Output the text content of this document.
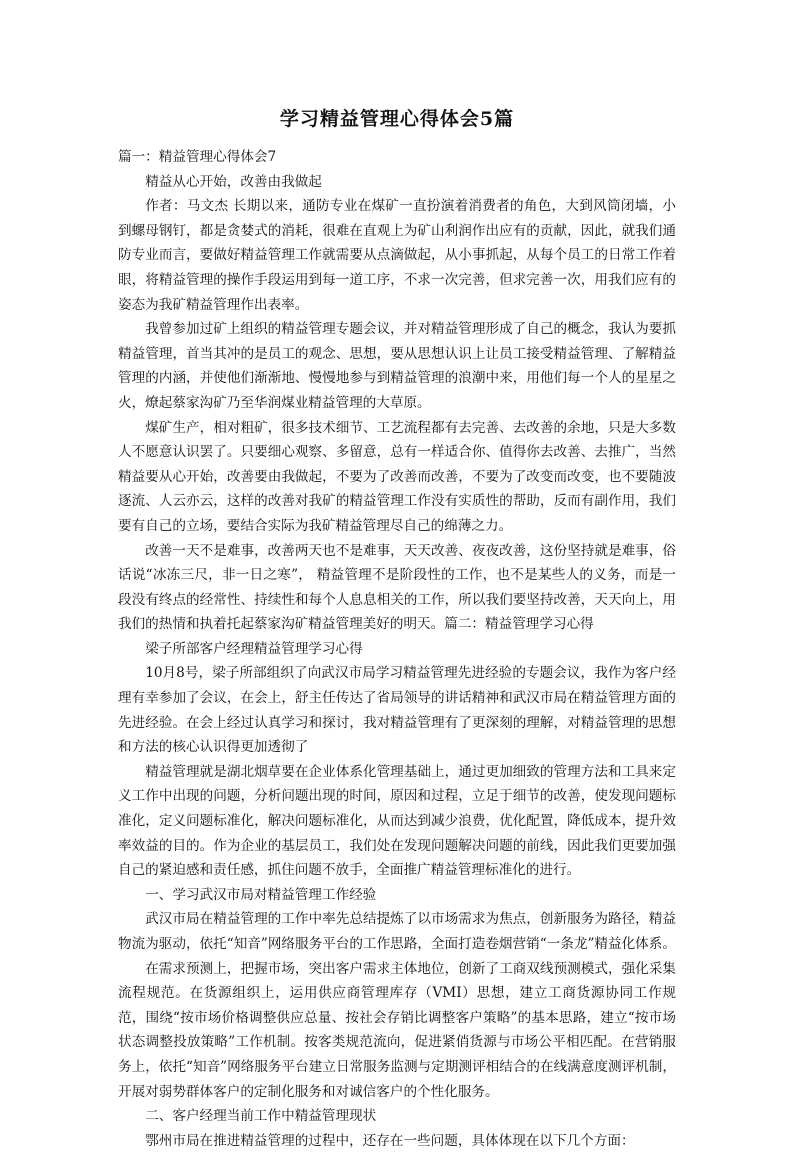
学习精益管理心得体会5篇

篇一：精益管理心得体会7

精益从心开始，改善由我做起

作者：马文杰 长期以来，通防专业在煤矿一直扮演着消费者的角色，大到风筒闭墙，小到螺母钢钉，都是贪婪式的消耗，很难在直观上为矿山利润作出应有的贡献，因此，就我们通防专业而言，要做好精益管理工作就需要从点滴做起，从小事抓起，从每个员工的日常工作着眼，将精益管理的操作手段运用到每一道工序，不求一次完善，但求完善一次，用我们应有的姿态为我矿精益管理作出表率。

我曾参加过矿上组织的精益管理专题会议，并对精益管理形成了自己的概念，我认为要抓精益管理，首当其冲的是员工的观念、思想，要从思想认识上让员工接受精益管理、了解精益管理的内涵，并使他们渐渐地、慢慢地参与到精益管理的浪潮中来，用他们每一个人的星星之火，燎起蔡家沟矿乃至华润煤业精益管理的大草原。

煤矿生产，相对粗矿，很多技术细节、工艺流程都有去完善、去改善的余地，只是大多数人不愿意认识罢了。只要细心观察、多留意，总有一样适合你、值得你去改善、去推广，当然精益要从心开始，改善要由我做起，不要为了改善而改善，不要为了改变而改变，也不要随波逐流、人云亦云，这样的改善对我矿的精益管理工作没有实质性的帮助，反而有副作用，我们要有自己的立场，要结合实际为我矿精益管理尽自己的绵薄之力。

改善一天不是难事，改善两天也不是难事，天天改善、夜夜改善，这份坚持就是难事，俗话说“冰冻三尺，非一日之寒”， 精益管理不是阶段性的工作，也不是某些人的义务，而是一段没有终点的经常性、持续性和每个人息息相关的工作，所以我们要坚持改善，天天向上，用我们的热情和执着托起蔡家沟矿精益管理美好的明天。篇二：精益管理学习心得

梁子所部客户经理精益管理学习心得

10月8号，梁子所部组织了向武汉市局学习精益管理先进经验的专题会议，我作为客户经理有幸参加了会议，在会上，舒主任传达了省局领导的讲话精神和武汉市局在精益管理方面的先进经验。在会上经过认真学习和探讨，我对精益管理有了更深刻的理解，对精益管理的思想和方法的核心认识得更加透彻了

精益管理就是湖北烟草要在企业体系化管理基础上，通过更加细致的管理方法和工具来定义工作中出现的问题，分析问题出现的时间，原因和过程，立足于细节的改善，使发现问题标准化，定义问题标准化，解决问题标准化，从而达到减少浪费，优化配置，降低成本，提升效率效益的目的。作为企业的基层员工，我们处在发现问题解决问题的前线，因此我们更要加强自己的紧迫感和责任感，抓住问题不放手，全面推广精益管理标准化的进行。

一、学习武汉市局对精益管理工作经验

武汉市局在精益管理的工作中率先总结提炼了以市场需求为焦点，创新服务为路径，精益物流为驱动，依托“知音”网络服务平台的工作思路，全面打造卷烟营销“一条龙”精益化体系。

在需求预测上，把握市场，突出客户需求主体地位，创新了工商双线预测模式，强化采集流程规范。在货源组织上，运用供应商管理库存（VMI）思想，建立工商货源协同工作规范，围绕“按市场价格调整供应总量、按社会存销比调整客户策略”的基本思路，建立“按市场状态调整投放策略”工作机制。按客类规范流向，促进紧俏货源与市场公平相匹配。在营销服务上，依托“知音”网络服务平台建立日常服务监测与定期测评相结合的在线满意度测评机制，开展对弱势群体客户的定制化服务和对诚信客户的个性化服务。

二、客户经理当前工作中精益管理现状

鄂州市局在推进精益管理的过程中，还存在一些问题，具体体现在以下几个方面：
